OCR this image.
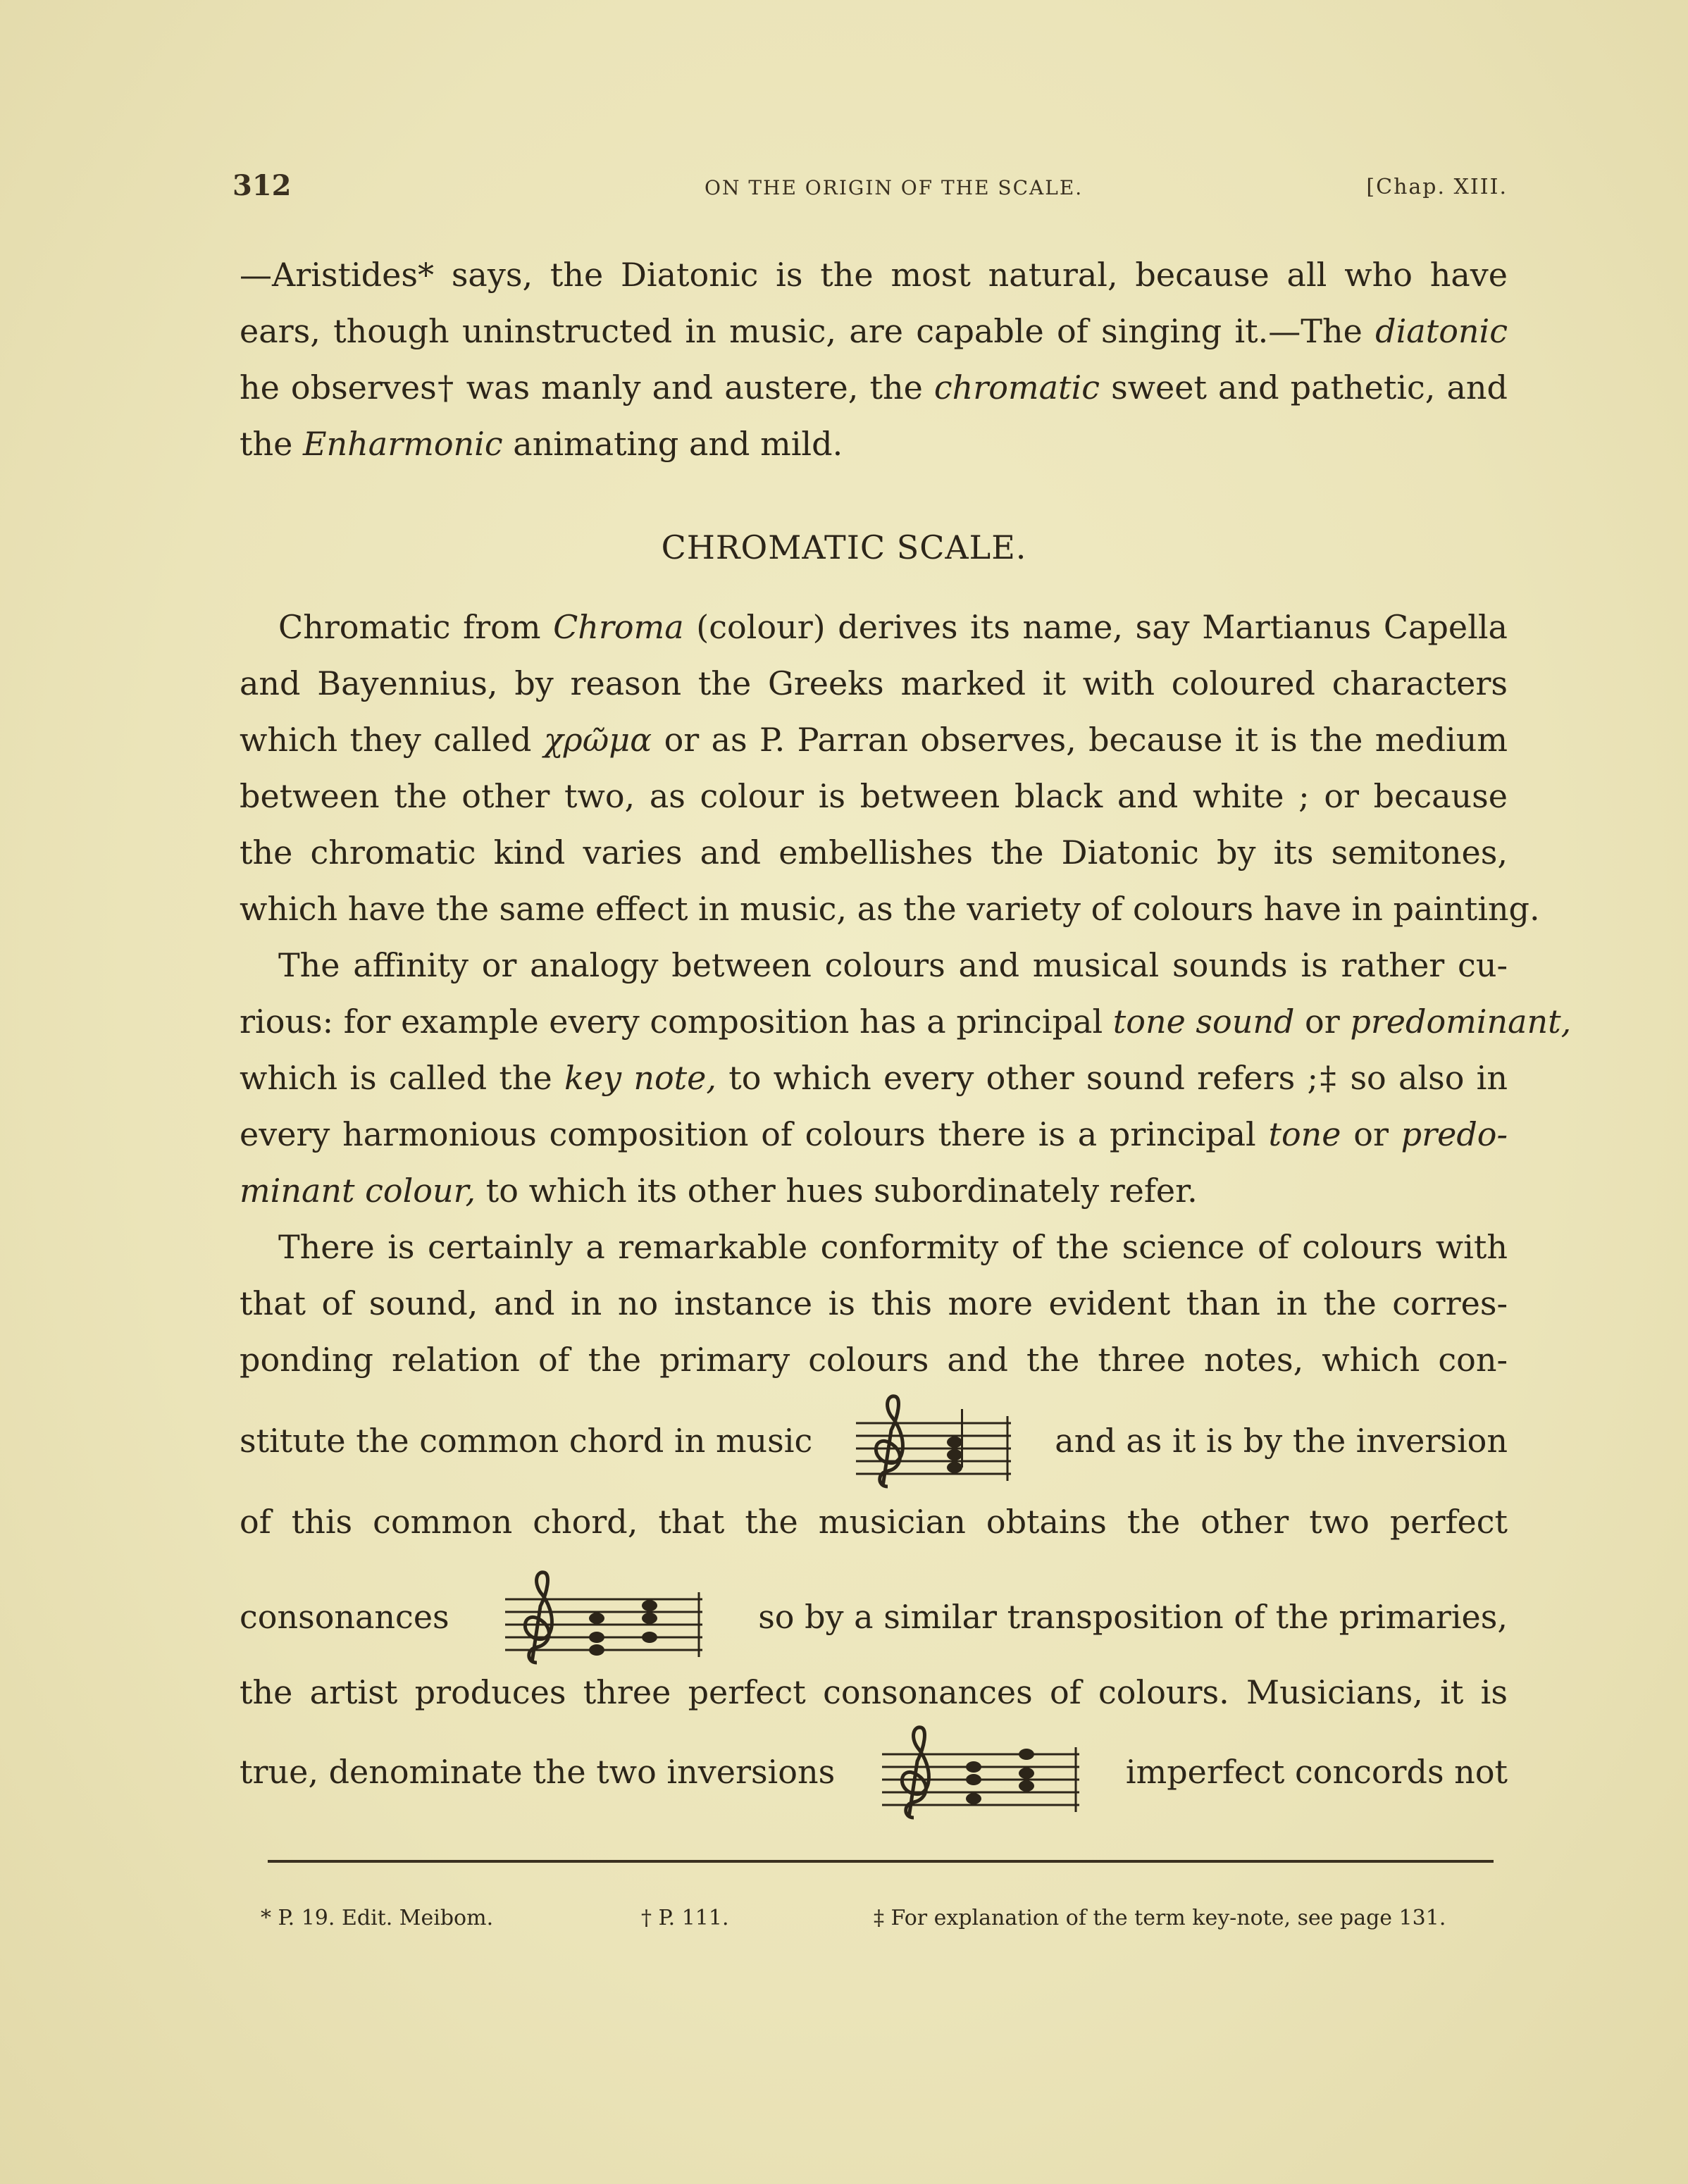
312	ON THE ORIGIN OF THE SCALE.	[Chap. XIII.
—Aristides* says, the Diatonic is the most natural, because all who have
ears, though uninstructed in music, are capable of singing it.—The diatonic
he observes† was manly and austere, the chromatic sweet and pathetic, and
the Enharmonic animating and mild.
CHROMATIC SCALE.
Chromatic from Chroma (colour) derives its name, say Martianus Capella
and Bayennius, by reason the Greeks marked it with coloured characters
which they called χρῶμα or as P. Parran observes, because it is the medium
between the other two, as colour is between black and white ; or because
the chromatic kind varies and embellishes the Diatonic by its semitones,
which have the same effect in music, as the variety of colours have in painting.
The affinity or analogy between colours and musical sounds is rather cu-
rious: for example every composition has a principal tone sound or predominant,
which is called the key note, to which every other sound refers ;‡ so also in
every harmonious composition of colours there is a principal tone or predo-
minant colour, to which its other hues subordinately refer.
There is certainly a remarkable conformity of the science of colours with
that of sound, and in no instance is this more evident than in the corres-
ponding relation of the primary colours and the three notes, which con-
stitute the common chord in music	and as it is by the inversion
of this common chord, that the musician obtains the other two perfect
consonances	so by a similar transposition of the primaries,
the artist produces three perfect consonances of colours. Musicians, it is
true, denominate the two inversions	imperfect concords not
* P. 19. Edit. Meibom.	† P. 111.	‡ For explanation of the term key-note, see page 131.
